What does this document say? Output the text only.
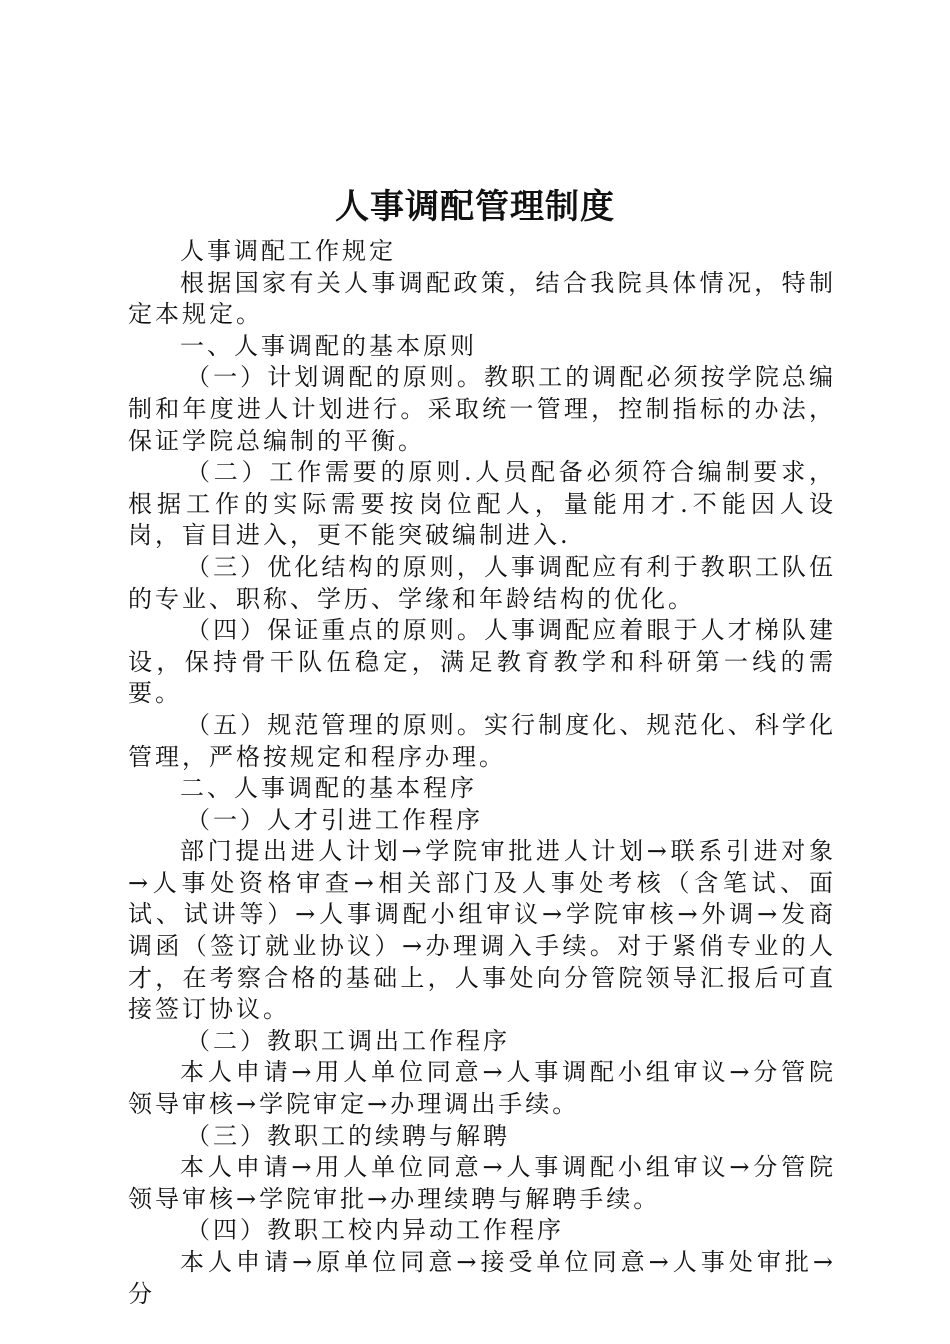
人事调配管理制度

人事调配工作规定

根据国家有关人事调配政策，结合我院具体情况，特制定本规定。

一、人事调配的基本原则

（一）计划调配的原则。教职工的调配必须按学院总编制和年度进人计划进行。采取统一管理，控制指标的办法，保证学院总编制的平衡。

（二）工作需要的原则.人员配备必须符合编制要求，根据工作的实际需要按岗位配人，量能用才.不能因人设岗，盲目进入，更不能突破编制进入.

（三）优化结构的原则，人事调配应有利于教职工队伍的专业、职称、学历、学缘和年龄结构的优化。

（四）保证重点的原则。人事调配应着眼于人才梯队建设，保持骨干队伍稳定，满足教育教学和科研第一线的需要。

（五）规范管理的原则。实行制度化、规范化、科学化管理，严格按规定和程序办理。

二、人事调配的基本程序

（一）人才引进工作程序

部门提出进人计划→学院审批进人计划→联系引进对象→人事处资格审查→相关部门及人事处考核（含笔试、面试、试讲等）→人事调配小组审议→学院审核→外调→发商调函（签订就业协议）→办理调入手续。对于紧俏专业的人才，在考察合格的基础上，人事处向分管院领导汇报后可直接签订协议。

（二）教职工调出工作程序

本人申请→用人单位同意→人事调配小组审议→分管院领导审核→学院审定→办理调出手续。

（三）教职工的续聘与解聘

本人申请→用人单位同意→人事调配小组审议→分管院领导审核→学院审批→办理续聘与解聘手续。

（四）教职工校内异动工作程序

本人申请→原单位同意→接受单位同意→人事处审批→分
